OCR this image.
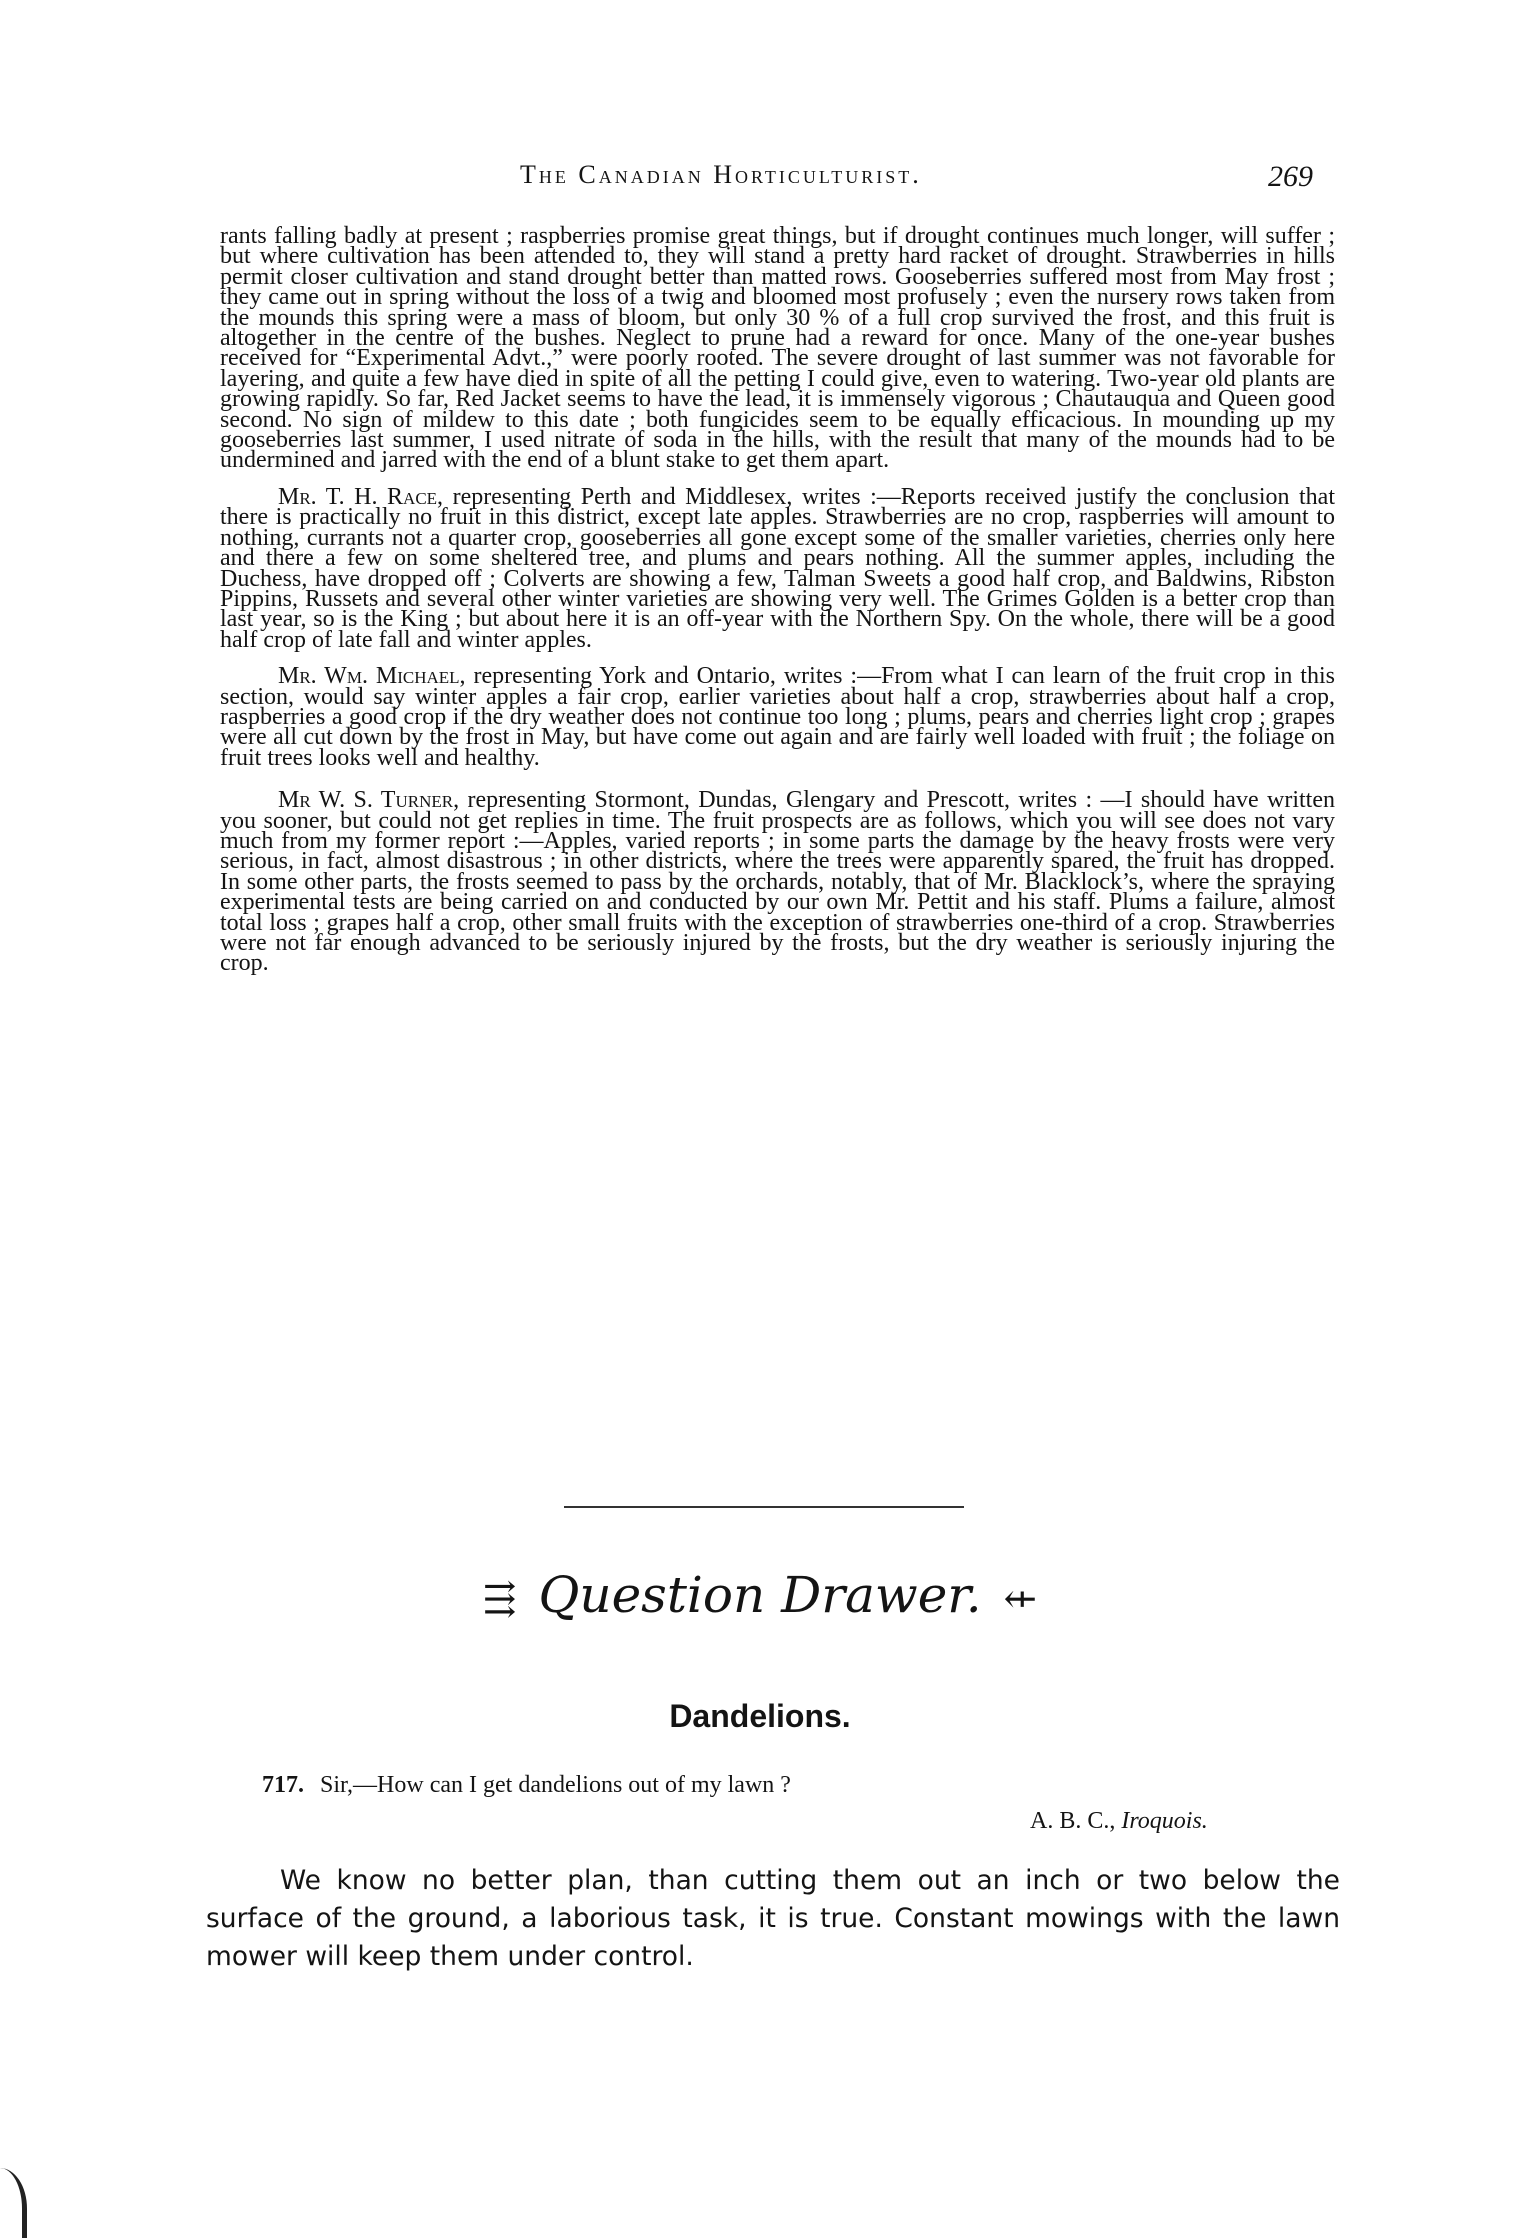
The Canadian Horticulturist.	269

rants falling badly at present ; raspberries promise great things, but if drought continues much longer, will suffer ; but where cultivation has been attended to, they will stand a pretty hard racket of drought. Strawberries in hills permit closer cultivation and stand drought better than matted rows. Gooseberries suffered most from May frost ; they came out in spring without the loss of a twig and bloomed most profusely ; even the nursery rows taken from the mounds this spring were a mass of bloom, but only 30 % of a full crop survived the frost, and this fruit is altogether in the centre of the bushes. Neglect to prune had a reward for once. Many of the one-year bushes received for “Experimental Advt.,” were poorly rooted. The severe drought of last summer was not favorable for layering, and quite a few have died in spite of all the petting I could give, even to watering. Two-year old plants are growing rapidly. So far, Red Jacket seems to have the lead, it is immensely vigorous ; Chautauqua and Queen good second. No sign of mildew to this date ; both fungicides seem to be equally efficacious. In mounding up my gooseberries last summer, I used nitrate of soda in the hills, with the result that many of the mounds had to be undermined and jarred with the end of a blunt stake to get them apart.

Mr. T. H. Race, representing Perth and Middlesex, writes :—Reports received justify the conclusion that there is practically no fruit in this district, except late apples. Strawberries are no crop, raspberries will amount to nothing, currants not a quarter crop, gooseberries all gone except some of the smaller varieties, cherries only here and there a few on some sheltered tree, and plums and pears nothing. All the summer apples, including the Duchess, have dropped off ; Colverts are showing a few, Talman Sweets a good half crop, and Baldwins, Ribston Pippins, Russets and several other winter varieties are showing very well. The Grimes Golden is a better crop than last year, so is the King ; but about here it is an off-year with the Northern Spy. On the whole, there will be a good half crop of late fall and winter apples.

Mr. Wm. Michael, representing York and Ontario, writes :—From what I can learn of the fruit crop in this section, would say winter apples a fair crop, earlier varieties about half a crop, strawberries about half a crop, raspberries a good crop if the dry weather does not continue too long ; plums, pears and cherries light crop ; grapes were all cut down by the frost in May, but have come out again and are fairly well loaded with fruit ; the foliage on fruit trees looks well and healthy.

Mr W. S. Turner, representing Stormont, Dundas, Glengary and Prescott, writes : —I should have written you sooner, but could not get replies in time. The fruit prospects are as follows, which you will see does not vary much from my former report :—Apples, varied reports ; in some parts the damage by the heavy frosts were very serious, in fact, almost disastrous ; in other districts, where the trees were apparently spared, the fruit has dropped. In some other parts, the frosts seemed to pass by the orchards, notably, that of Mr. Blacklock’s, where the spraying experimental tests are being carried on and conducted by our own Mr. Pettit and his staff. Plums a failure, almost total loss ; grapes half a crop, other small fruits with the exception of strawberries one-third of a crop. Strawberries were not far enough advanced to be seriously injured by the frosts, but the dry weather is seriously injuring the crop.

⇶ Question Drawer. ⇷
Dandelions.
717. Sir,—How can I get dandelions out of my lawn ?
A. B. C., Iroquois.
We know no better plan, than cutting them out an inch or two below the surface of the ground, a laborious task, it is true. Constant mowings with the lawn mower will keep them under control.
